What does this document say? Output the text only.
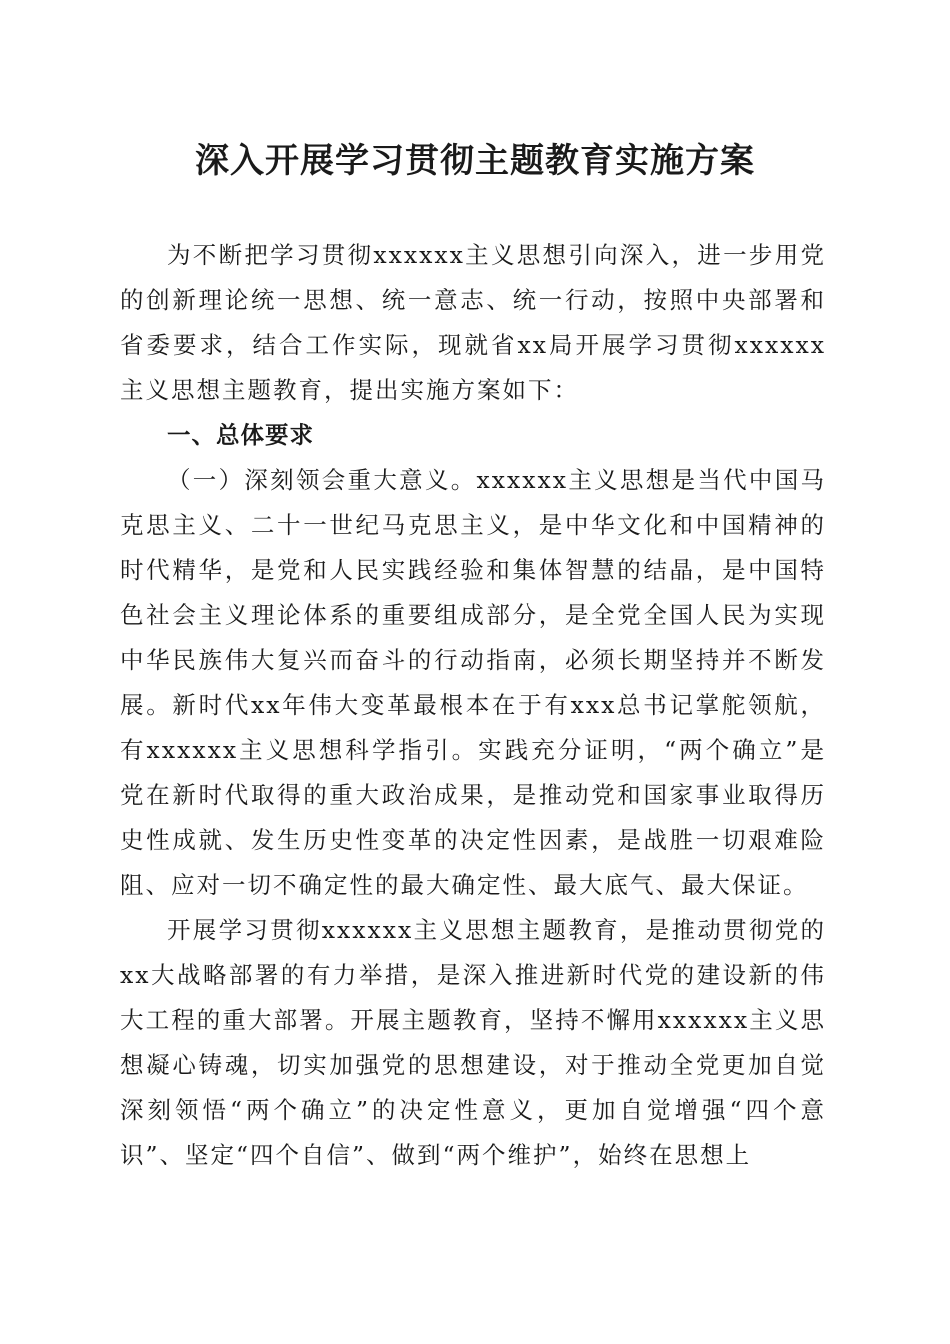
深入开展学习贯彻主题教育实施方案

为不断把学习贯彻xxxxxx主义思想引向深入，进一步用党的创新理论统一思想、统一意志、统一行动，按照中央部署和省委要求，结合工作实际，现就省xx局开展学习贯彻xxxxxx主义思想主题教育，提出实施方案如下：

一、总体要求

（一）深刻领会重大意义。xxxxxx主义思想是当代中国马克思主义、二十一世纪马克思主义，是中华文化和中国精神的时代精华，是党和人民实践经验和集体智慧的结晶，是中国特色社会主义理论体系的重要组成部分，是全党全国人民为实现中华民族伟大复兴而奋斗的行动指南，必须长期坚持并不断发展。新时代xx年伟大变革最根本在于有xxx总书记掌舵领航，有xxxxxx主义思想科学指引。实践充分证明，“两个确立”是党在新时代取得的重大政治成果，是推动党和国家事业取得历史性成就、发生历史性变革的决定性因素，是战胜一切艰难险阻、应对一切不确定性的最大确定性、最大底气、最大保证。

开展学习贯彻xxxxxx主义思想主题教育，是推动贯彻党的xx大战略部署的有力举措，是深入推进新时代党的建设新的伟大工程的重大部署。开展主题教育，坚持不懈用xxxxxx主义思想凝心铸魂，切实加强党的思想建设，对于推动全党更加自觉深刻领悟“两个确立”的决定性意义，更加自觉增强“四个意识”、坚定“四个自信”、做到“两个维护”，始终在思想上
